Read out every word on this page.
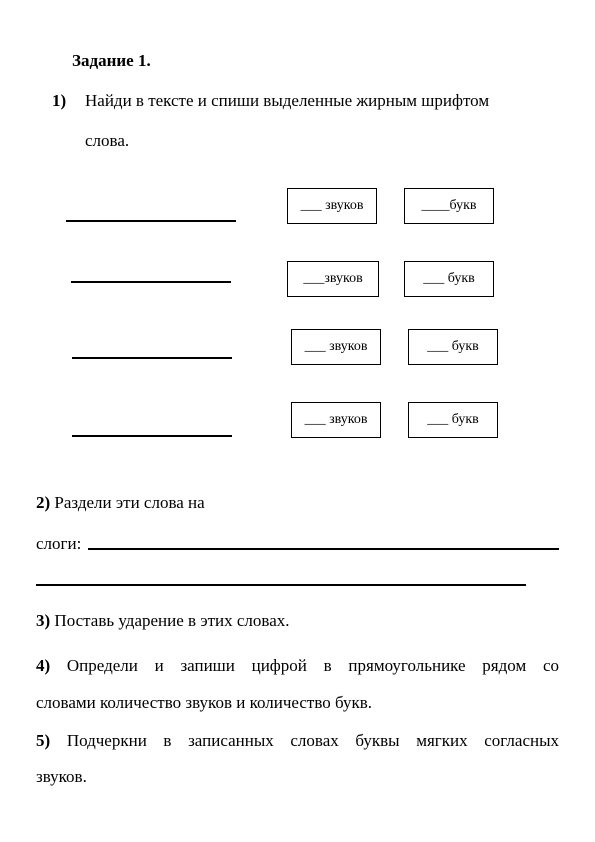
Задание 1.
1) Найди в тексте и спиши выделенные жирным шрифтом
слова.
___ звуков	____букв
___звуков	___ букв
___ звуков	___ букв
___ звуков	___ букв
2) Раздели эти слова на
слоги:
3) Поставь ударение в этих словах.
4) Определи и запиши цифрой в прямоугольнике рядом со
словами количество звуков и количество букв.
5) Подчеркни в записанных словах буквы мягких согласных
звуков.
